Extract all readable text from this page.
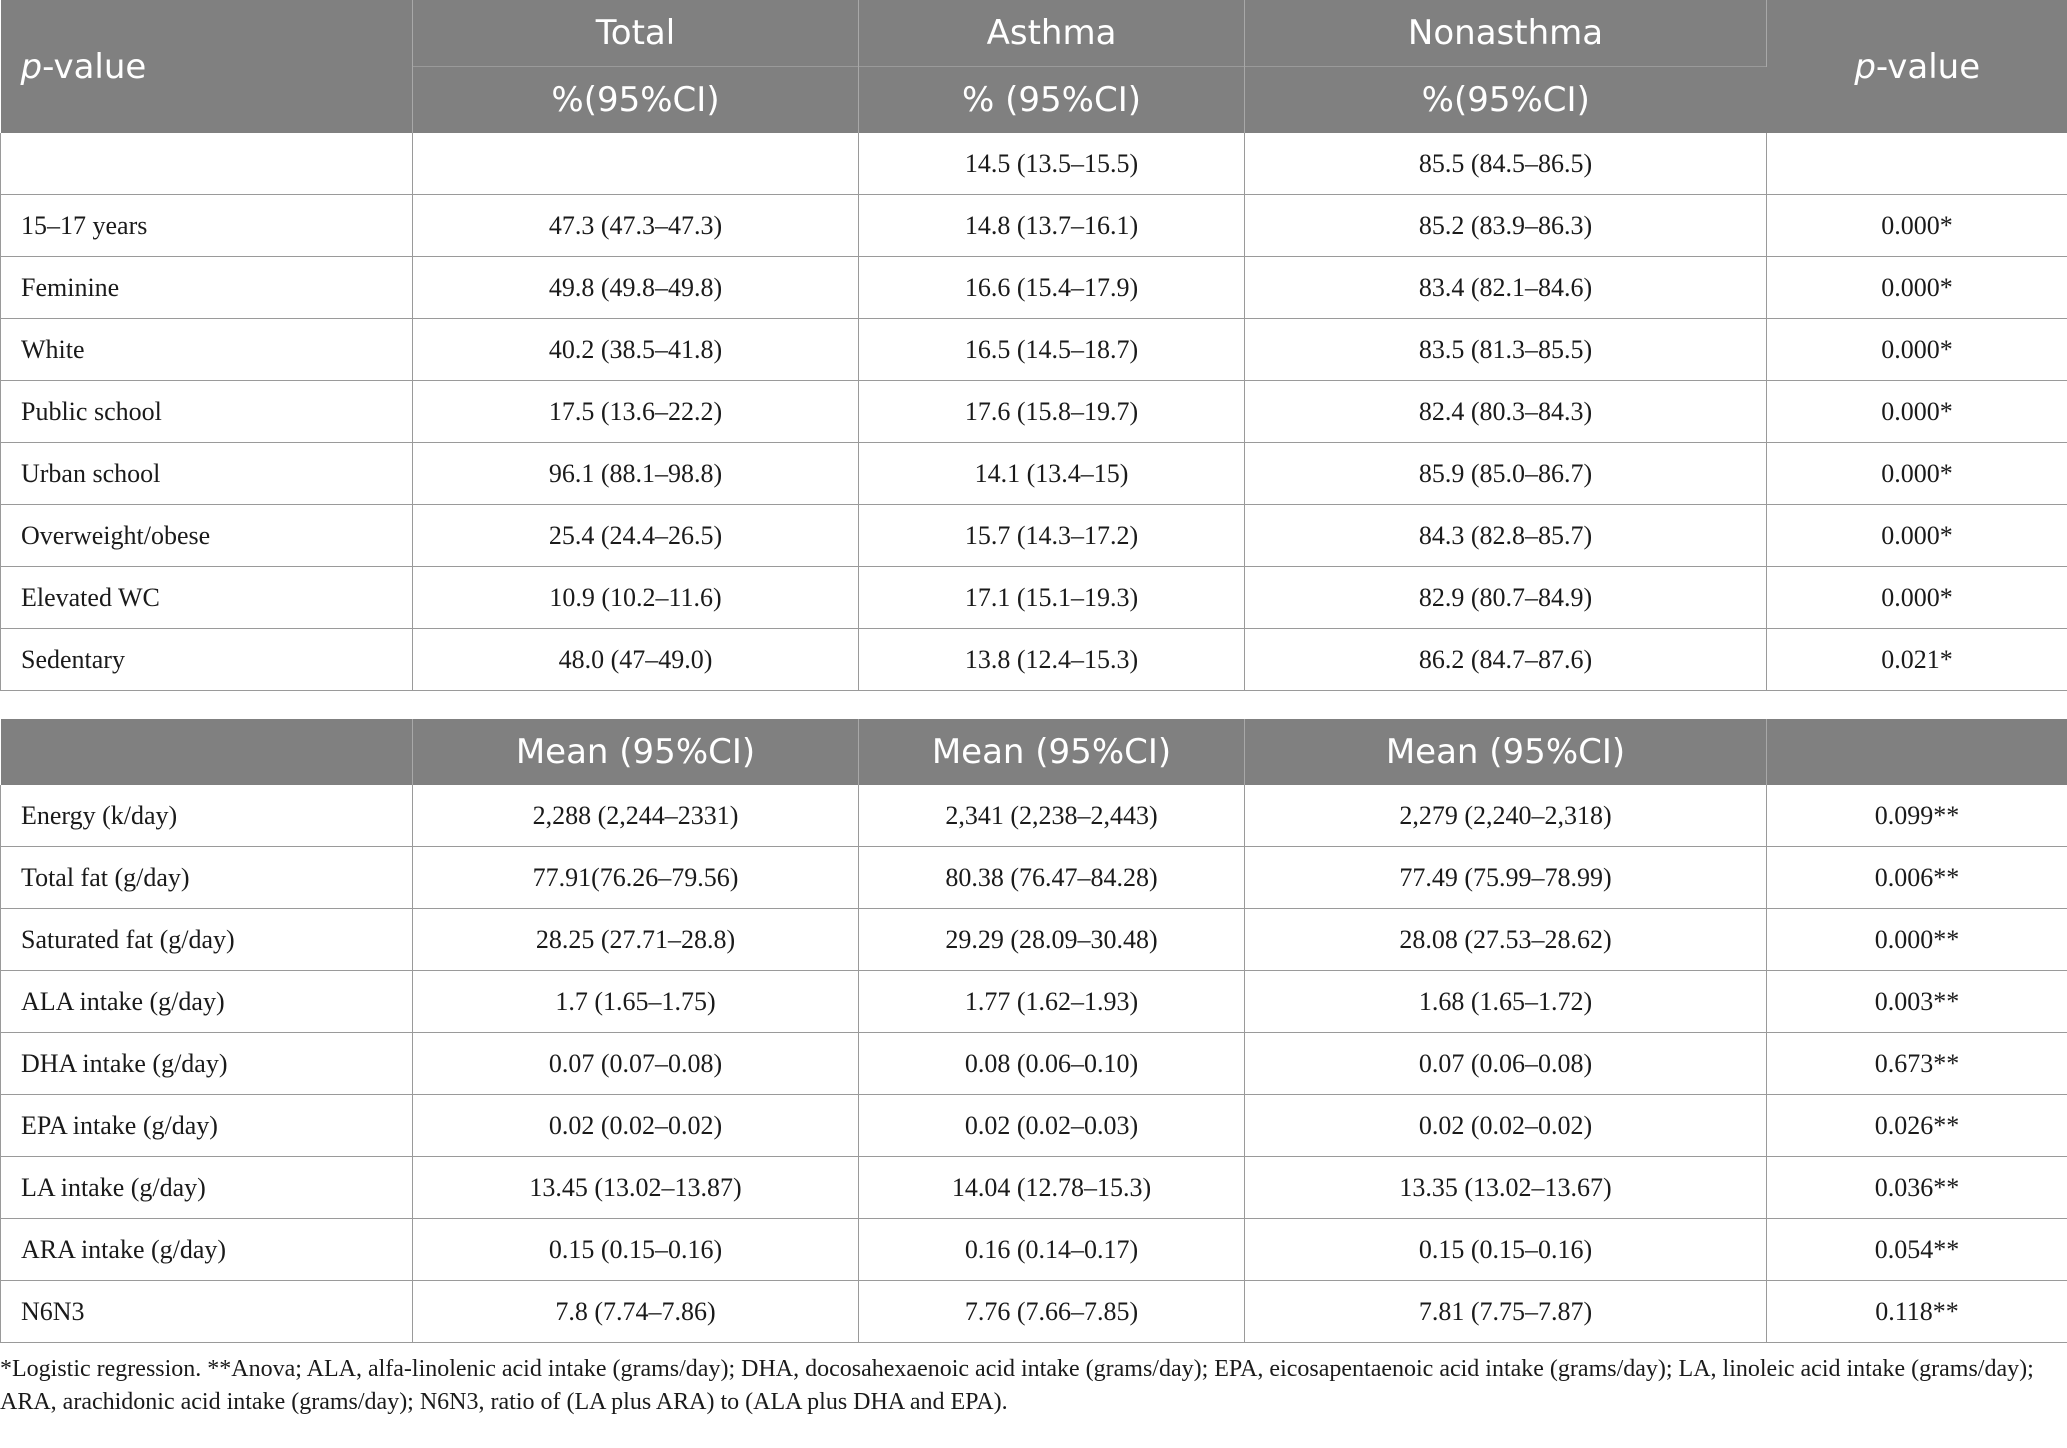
p-value	Total	Asthma	Nonasthma	p-value
	%(95%CI)	% (95%CI)	%(95%CI)	
		14.5 (13.5–15.5)	85.5 (84.5–86.5)	
15–17 years	47.3 (47.3–47.3)	14.8 (13.7–16.1)	85.2 (83.9–86.3)	0.000*
Feminine	49.8 (49.8–49.8)	16.6 (15.4–17.9)	83.4 (82.1–84.6)	0.000*
White	40.2 (38.5–41.8)	16.5 (14.5–18.7)	83.5 (81.3–85.5)	0.000*
Public school	17.5 (13.6–22.2)	17.6 (15.8–19.7)	82.4 (80.3–84.3)	0.000*
Urban school	96.1 (88.1–98.8)	14.1 (13.4–15)	85.9 (85.0–86.7)	0.000*
Overweight/obese	25.4 (24.4–26.5)	15.7 (14.3–17.2)	84.3 (82.8–85.7)	0.000*
Elevated WC	10.9 (10.2–11.6)	17.1 (15.1–19.3)	82.9 (80.7–84.9)	0.000*
Sedentary	48.0 (47–49.0)	13.8 (12.4–15.3)	86.2 (84.7–87.6)	0.021*
	Mean (95%CI)	Mean (95%CI)	Mean (95%CI)	
Energy (k/day)	2,288 (2,244–2331)	2,341 (2,238–2,443)	2,279 (2,240–2,318)	0.099**
Total fat (g/day)	77.91(76.26–79.56)	80.38 (76.47–84.28)	77.49 (75.99–78.99)	0.006**
Saturated fat (g/day)	28.25 (27.71–28.8)	29.29 (28.09–30.48)	28.08 (27.53–28.62)	0.000**
ALA intake (g/day)	1.7 (1.65–1.75)	1.77 (1.62–1.93)	1.68 (1.65–1.72)	0.003**
DHA intake (g/day)	0.07 (0.07–0.08)	0.08 (0.06–0.10)	0.07 (0.06–0.08)	0.673**
EPA intake (g/day)	0.02 (0.02–0.02)	0.02 (0.02–0.03)	0.02 (0.02–0.02)	0.026**
LA intake (g/day)	13.45 (13.02–13.87)	14.04 (12.78–15.3)	13.35 (13.02–13.67)	0.036**
ARA intake (g/day)	0.15 (0.15–0.16)	0.16 (0.14–0.17)	0.15 (0.15–0.16)	0.054**
N6N3	7.8 (7.74–7.86)	7.76 (7.66–7.85)	7.81 (7.75–7.87)	0.118**
*Logistic regression. **Anova; ALA, alfa-linolenic acid intake (grams/day); DHA, docosahexaenoic acid intake (grams/day); EPA, eicosapentaenoic acid intake (grams/day); LA, linoleic acid intake (grams/day); ARA, arachidonic acid intake (grams/day); N6N3, ratio of (LA plus ARA) to (ALA plus DHA and EPA).
